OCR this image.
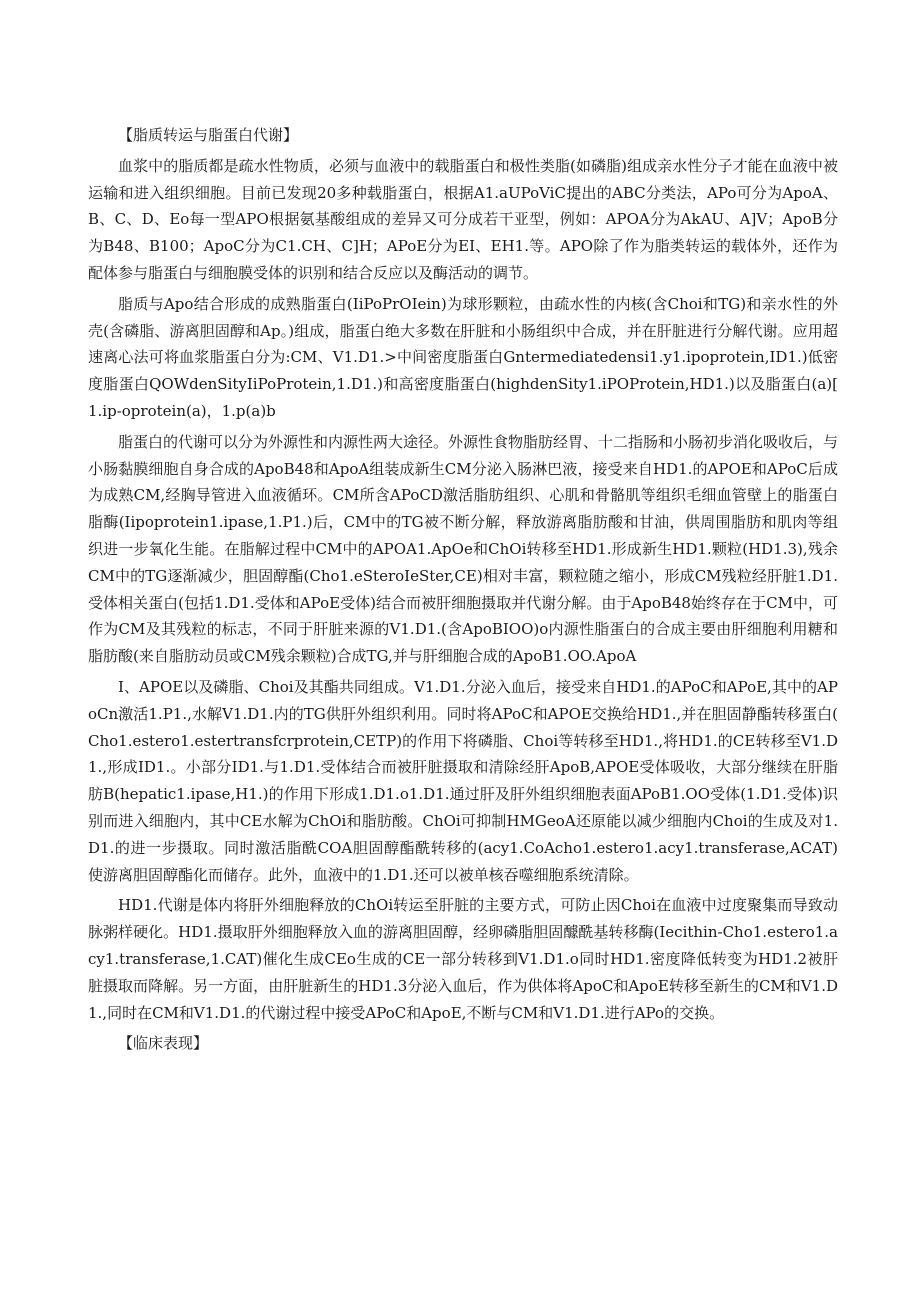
【脂质转运与脂蛋白代谢】

血浆中的脂质都是疏水性物质，必须与血液中的载脂蛋白和极性类脂(如磷脂)组成亲水性分子才能在血液中被运输和进入组织细胞。目前已发现20多种载脂蛋白，根据A1.aUPoViC提出的ABC分类法，APo可分为ApoA、B、C、D、Eo每一型APO根据氨基酸组成的差异又可分成若干亚型，例如：APOA分为AkAU、A]V；ApoB分为B48、B100；ApoC分为C1.CH、C]H；APoE分为EI、EH1.等。APO除了作为脂类转运的载体外，还作为配体参与脂蛋白与细胞膜受体的识别和结合反应以及酶活动的调节。

脂质与Apo结合形成的成熟脂蛋白(IiPoPrOIein)为球形颗粒，由疏水性的内核(含Choi和TG)和亲水性的外壳(含磷脂、游离胆固醇和Ap。)组成，脂蛋白绝大多数在肝脏和小肠组织中合成，并在肝脏进行分解代谢。应用超速离心法可将血浆脂蛋白分为:CM、V1.D1.>中间密度脂蛋白Gntermediatedensi1.y1.ipoprotein,ID1.)低密度脂蛋白QOWdenSityIiPoProtein,1.D1.)和高密度脂蛋白(highdenSity1.iPOProtein,HD1.)以及脂蛋白(a)[1.ip-oprotein(a)，1.p(a)b

脂蛋白的代谢可以分为外源性和内源性两大途径。外源性食物脂肪经胃、十二指肠和小肠初步消化吸收后，与小肠黏膜细胞自身合成的ApoB48和ApoA组装成新生CM分泌入肠淋巴液，接受来自HD1.的APOE和APoC后成为成熟CM,经胸导管进入血液循环。CM所含APoCD激活脂肪组织、心肌和骨骼肌等组织毛细血管壁上的脂蛋白脂酶(Iipoprotein1.ipase,1.P1.)后，CM中的TG被不断分解，释放游离脂肪酸和甘油，供周围脂肪和肌肉等组织进一步氧化生能。在脂解过程中CM中的APOA1.ApOe和ChOi转移至HD1.形成新生HD1.颗粒(HD1.3),残余CM中的TG逐渐减少，胆固醇酯(Cho1.eSteroIeSter,CE)相对丰富，颗粒随之缩小，形成CM残粒经肝脏1.D1.受体相关蛋白(包括1.D1.受体和APoE受体)结合而被肝细胞摄取并代谢分解。由于ApoB48始终存在于CM中，可作为CM及其残粒的标志，不同于肝脏来源的V1.D1.(含ApoBIOO)o内源性脂蛋白的合成主要由肝细胞利用糖和脂肪酸(来自脂肪动员或CM残余颗粒)合成TG,并与肝细胞合成的ApoB1.OO.ApoA

I、APOE以及磷脂、Choi及其酯共同组成。V1.D1.分泌入血后，接受来自HD1.的APoC和APoE,其中的APoCn激活1.P1.,水解V1.D1.内的TG供肝外组织利用。同时将APoC和APOE交换给HD1.,并在胆固静酯转移蛋白(Cho1.estero1.estertransfcrprotein,CETP)的作用下将磷脂、Choi等转移至HD1.,将HD1.的CE转移至V1.D1.,形成ID1.。小部分ID1.与1.D1.受体结合而被肝脏摄取和清除经肝ApoB,APOE受体吸收，大部分继续在肝脂肪B(hepatic1.ipase,H1.)的作用下形成1.D1.o1.D1.通过肝及肝外组织细胞表面APoB1.OO受体(1.D1.受体)识别而进入细胞内，其中CE水解为ChOi和脂肪酸。ChOi可抑制HMGeoA还原能以减少细胞内Choi的生成及对1.D1.的进一步摄取。同时激活脂酰COA胆固醇酯酰转移的(acy1.CoAcho1.estero1.acy1.transferase,ACAT)使游离胆固醇酯化而储存。此外，血液中的1.D1.还可以被单核吞噬细胞系统清除。

HD1.代谢是体内将肝外细胞释放的ChOi转运至肝脏的主要方式，可防止因Choi在血液中过度聚集而导致动脉粥样硬化。HD1.摄取肝外细胞释放入血的游离胆固醇，经卵磷脂胆固醵酰基转移酶(Iecithin-Cho1.estero1.acy1.transferase,1.CAT)催化生成CEo生成的CE一部分转移到V1.D1.o同时HD1.密度降低转变为HD1.2被肝脏摄取而降解。另一方面，由肝脏新生的HD1.3分泌入血后，作为供体将ApoC和ApoE转移至新生的CM和V1.D1.,同时在CM和V1.D1.的代谢过程中接受APoC和ApoE,不断与CM和V1.D1.进行APo的交换。

【临床表现】
